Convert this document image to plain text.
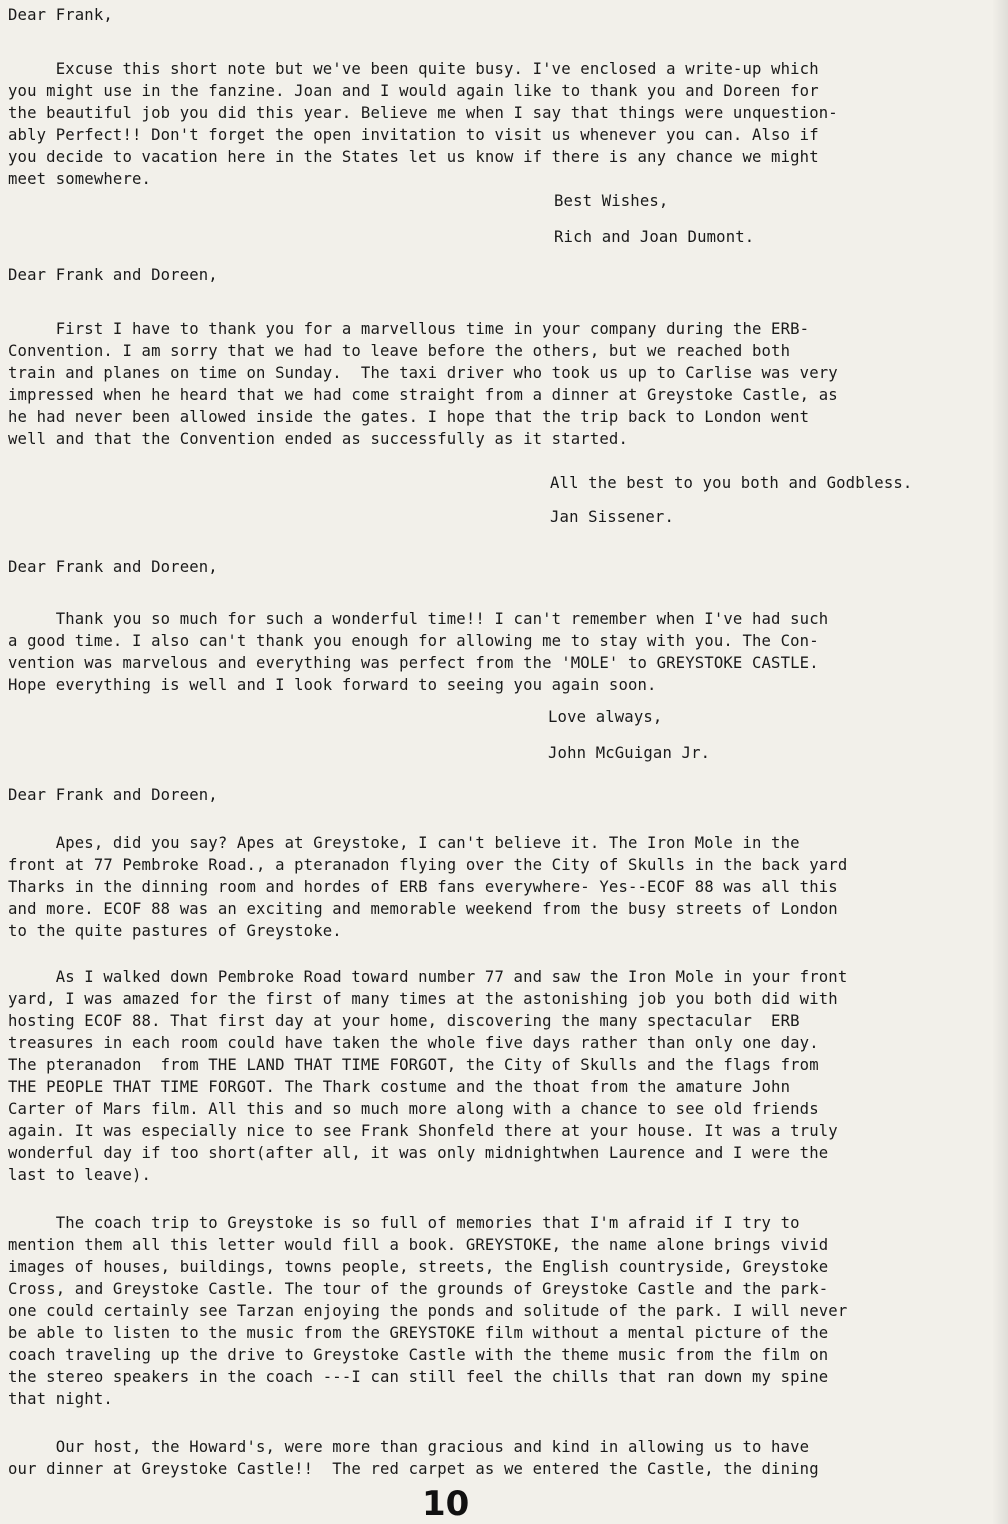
Dear Frank,
Excuse this short note but we've been quite busy. I've enclosed a write-up which
you might use in the fanzine. Joan and I would again like to thank you and Doreen for
the beautiful job you did this year. Believe me when I say that things were unquestion-
ably Perfect!! Don't forget the open invitation to visit us whenever you can. Also if
you decide to vacation here in the States let us know if there is any chance we might
meet somewhere.
Best Wishes,
Rich and Joan Dumont.
Dear Frank and Doreen,
First I have to thank you for a marvellous time in your company during the ERB-
Convention. I am sorry that we had to leave before the others, but we reached both
train and planes on time on Sunday.  The taxi driver who took us up to Carlise was very
impressed when he heard that we had come straight from a dinner at Greystoke Castle, as
he had never been allowed inside the gates. I hope that the trip back to London went
well and that the Convention ended as successfully as it started.
All the best to you both and Godbless.
Jan Sissener.
Dear Frank and Doreen,
Thank you so much for such a wonderful time!! I can't remember when I've had such
a good time. I also can't thank you enough for allowing me to stay with you. The Con-
vention was marvelous and everything was perfect from the 'MOLE' to GREYSTOKE CASTLE.
Hope everything is well and I look forward to seeing you again soon.
Love always,
John McGuigan Jr.
Dear Frank and Doreen,
Apes, did you say? Apes at Greystoke, I can't believe it. The Iron Mole in the
front at 77 Pembroke Road., a pteranadon flying over the City of Skulls in the back yard
Tharks in the dinning room and hordes of ERB fans everywhere- Yes--ECOF 88 was all this
and more. ECOF 88 was an exciting and memorable weekend from the busy streets of London
to the quite pastures of Greystoke.
As I walked down Pembroke Road toward number 77 and saw the Iron Mole in your front
yard, I was amazed for the first of many times at the astonishing job you both did with
hosting ECOF 88. That first day at your home, discovering the many spectacular  ERB
treasures in each room could have taken the whole five days rather than only one day.
The pteranadon  from THE LAND THAT TIME FORGOT, the City of Skulls and the flags from
THE PEOPLE THAT TIME FORGOT. The Thark costume and the thoat from the amature John
Carter of Mars film. All this and so much more along with a chance to see old friends
again. It was especially nice to see Frank Shonfeld there at your house. It was a truly
wonderful day if too short(after all, it was only midnightwhen Laurence and I were the
last to leave).
The coach trip to Greystoke is so full of memories that I'm afraid if I try to
mention them all this letter would fill a book. GREYSTOKE, the name alone brings vivid
images of houses, buildings, towns people, streets, the English countryside, Greystoke
Cross, and Greystoke Castle. The tour of the grounds of Greystoke Castle and the park-
one could certainly see Tarzan enjoying the ponds and solitude of the park. I will never
be able to listen to the music from the GREYSTOKE film without a mental picture of the
coach traveling up the drive to Greystoke Castle with the theme music from the film on
the stereo speakers in the coach ---I can still feel the chills that ran down my spine
that night.
Our host, the Howard's, were more than gracious and kind in allowing us to have
our dinner at Greystoke Castle!!  The red carpet as we entered the Castle, the dining
10
